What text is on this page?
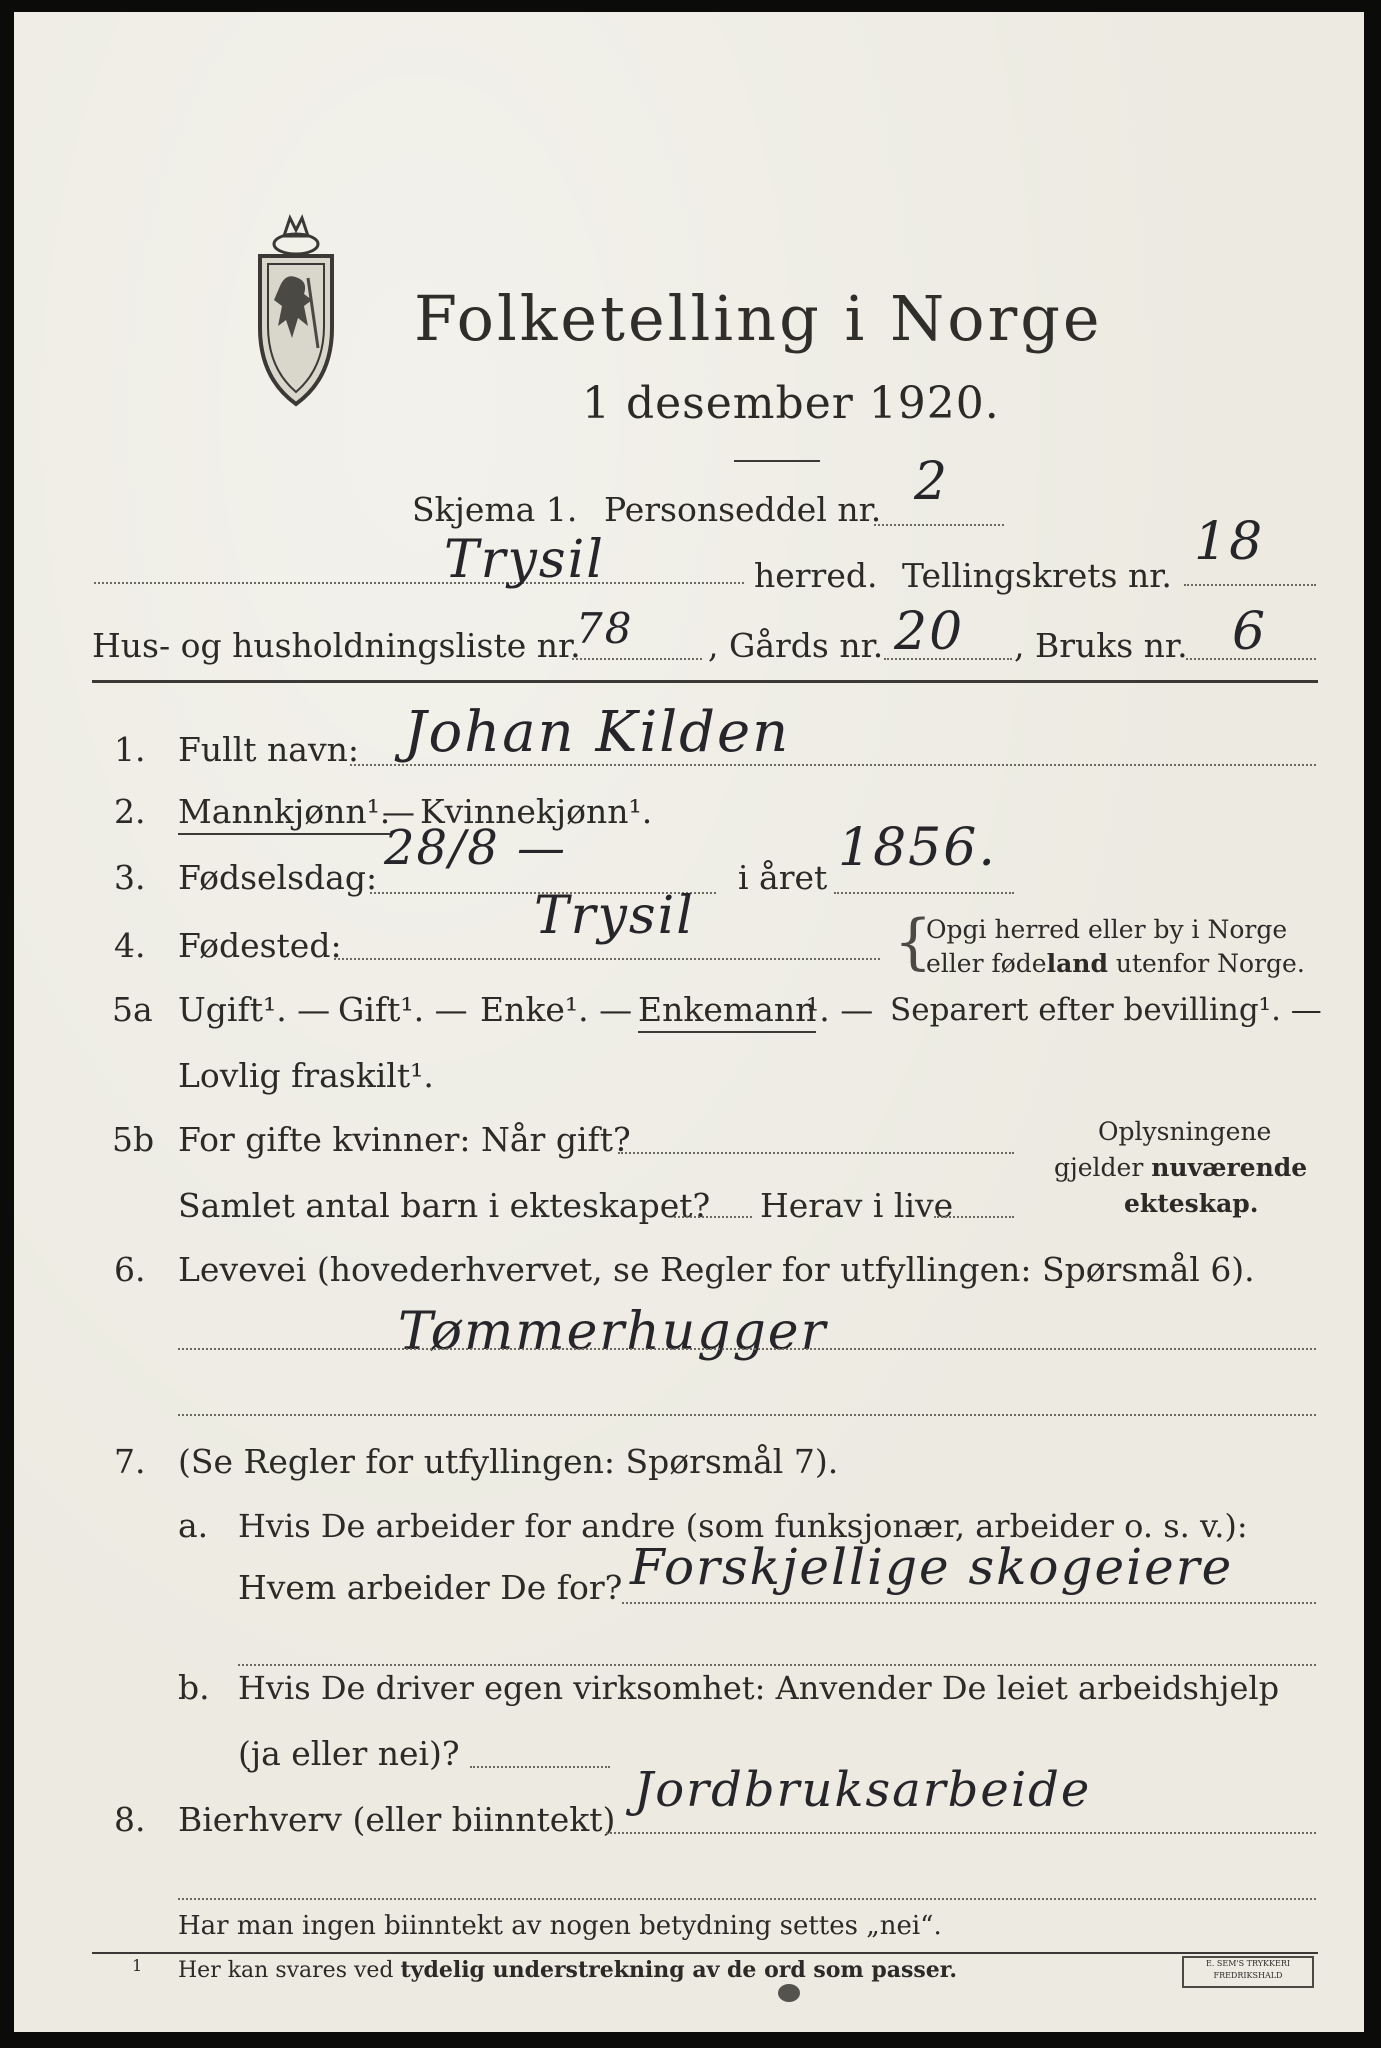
Folketelling i Norge
1 desember 1920.
Skjema 1. Personseddel nr. 2
Trysil	herred. Tellingskrets nr.
18
Hus- og husholdningsliste nr.
78 , Gårds nr. 20 , Bruks nr. 6
1. Fullt navn: Johan Kilden
2. Mannkjønn¹.
— Kvinnekjønn¹.
3. Fødselsdag:
28/8 —
i året 1856.
4. Fødested:	Trysil	{
Opgi herred eller by i Norge
eller fødeland utenfor Norge.
5a Ugift¹. — Gift¹. — Enke¹. — Enkemann
¹. — Separert efter bevilling¹. —
Lovlig fraskilt¹.
5b For gifte kvinner: Når gift?
Samlet antal barn i ekteskapet? Herav i live
Oplysningene
gjelder nuværende
ekteskap.
6. Levevei (hovederhvervet, se Regler for utfyllingen: Spørsmål 6).
Tømmerhugger
7. (Se Regler for utfyllingen: Spørsmål 7).
a. Hvis De arbeider for andre (som funksjonær, arbeider o. s. v.):
Hvem arbeider De for? Forskjellige skogeiere
b. Hvis De driver egen virksomhet: Anvender De leiet arbeidshjelp
(ja eller nei)?
8. Bierhverv (eller biinntekt)
Jordbruksarbeide
Har man ingen biinntekt av nogen betydning settes „nei“.
1 Her kan svares ved tydelig understrekning av de ord som passer.	E. SEM'S TRYKKERI
FREDRIKSHALD
